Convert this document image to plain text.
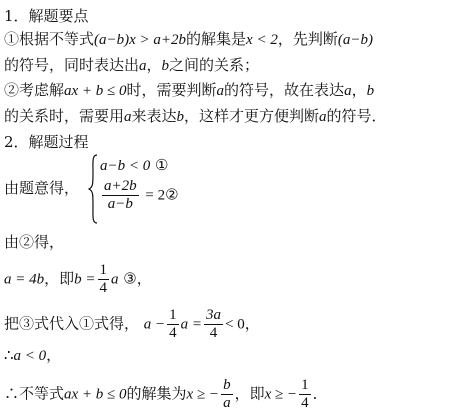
1．解题要点
①根据不等式(a−b)x > a+2b的解集是x < 2，先判断(a−b)
的符号，同时表达出a，b之间的关系；
②考虑解ax + b ≤ 0时，需要判断a的符号，故在表达a，b
的关系时，需要用a来表达b，这样才更方便判断a的符号．
2．解题过程
由题意得，
a−b < 0 ①
$\frac{a+2b}{a-b}$ = 2②
由②得，
a = 4b，即$b = \frac{1}{4}$ a ③，
把③式代入①式得， $a - \frac{1}{4}$ $a = \frac{3a}{4} < 0$，
∴a < 0，
∴不等式ax + b ≤ 0的解集为x ≥ − $\frac{b}{a}$ ，即x ≥ − $\frac{1}{4}$ ．
